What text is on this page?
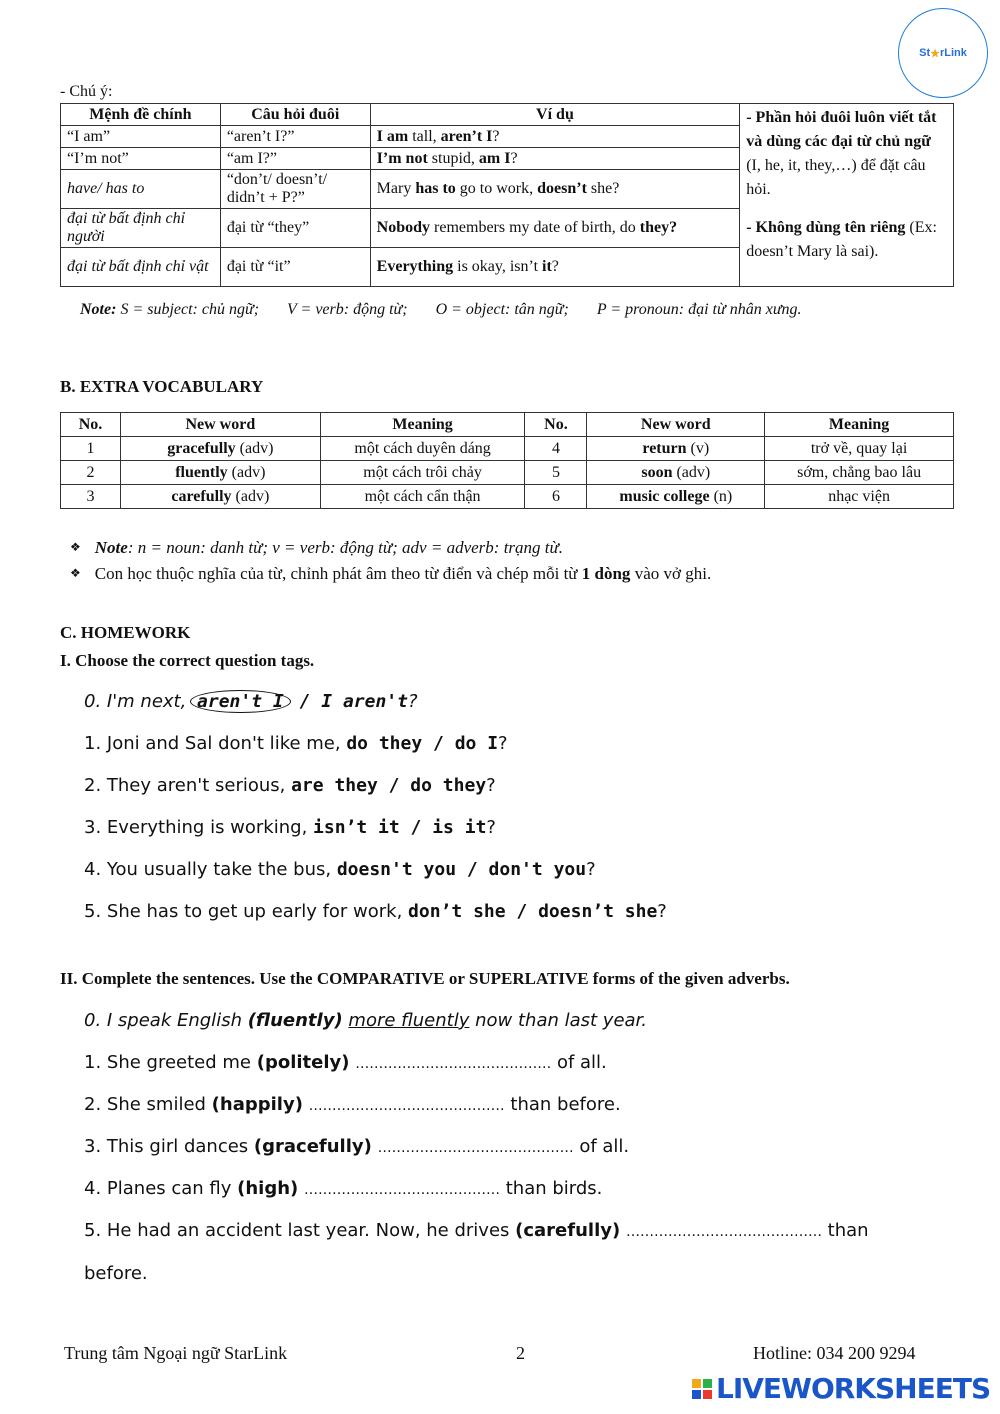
St ★ rLink
- Chú ý:
Mệnh đề chính	Câu hỏi đuôi	Ví dụ	- Phần hỏi đuôi luôn viết tắt và dùng các đại từ chủ ngữ (I, he, it, they,…) để đặt câu hỏi.
- Không dùng tên riêng (Ex: doesn’t Mary là sai).
“I am”	“aren’t I?”	I am tall, aren’t I?	
“I’m not”	“am I?”	I’m not stupid, am I?	
have/ has to	“don’t/ doesn’t/ didn’t + P?”	Mary has to go to work, doesn’t she?	
đại từ bất định chỉ người	đại từ “they”	Nobody remembers my date of birth, do they?	
đại từ bất định chỉ vật	đại từ “it”	Everything is okay, isn’t it?	
Note: S = subject: chủ ngữ;       V = verb: động từ;       O = object: tân ngữ;       P = pronoun: đại từ nhân xưng.
B. EXTRA VOCABULARY
No.	New word	Meaning	No.	New word	Meaning
1	gracefully (adv)	một cách duyên dáng	4	return (v)	trở về, quay lại
2	fluently (adv)	một cách trôi chảy	5	soon (adv)	sớm, chẳng bao lâu
3	carefully (adv)	một cách cẩn thận	6	music college (n)	nhạc viện
❖ Note: n = noun: danh từ; v = verb: động từ; adv = adverb: trạng từ.
❖ Con học thuộc nghĩa của từ, chỉnh phát âm theo từ điển và chép mỗi từ 1 dòng vào vở ghi.
C. HOMEWORK
I. Choose the correct question tags.
0. I'm next, aren't I / I aren't?
1. Joni and Sal don't like me, do they / do I?
2. They aren't serious, are they / do they?
3. Everything is working, isn’t it / is it?
4. You usually take the bus, doesn't you / don't you?
5. She has to get up early for work, don’t she / doesn’t she?
II. Complete the sentences. Use the COMPARATIVE or SUPERLATIVE forms of the given adverbs.
0. I speak English (fluently) more fluently now than last year.
1. She greeted me (politely) …………………………………… of all.
2. She smiled (happily) …………………………………… than before.
3. This girl dances (gracefully) …………………………………… of all.
4. Planes can fly (high) …………………………………… than birds.
5. He had an accident last year. Now, he drives (carefully) …………………………………… than
before.
Trung tâm Ngoại ngữ StarLink	2	Hotline: 034 200 9294
LIVEWORKSHEETS
